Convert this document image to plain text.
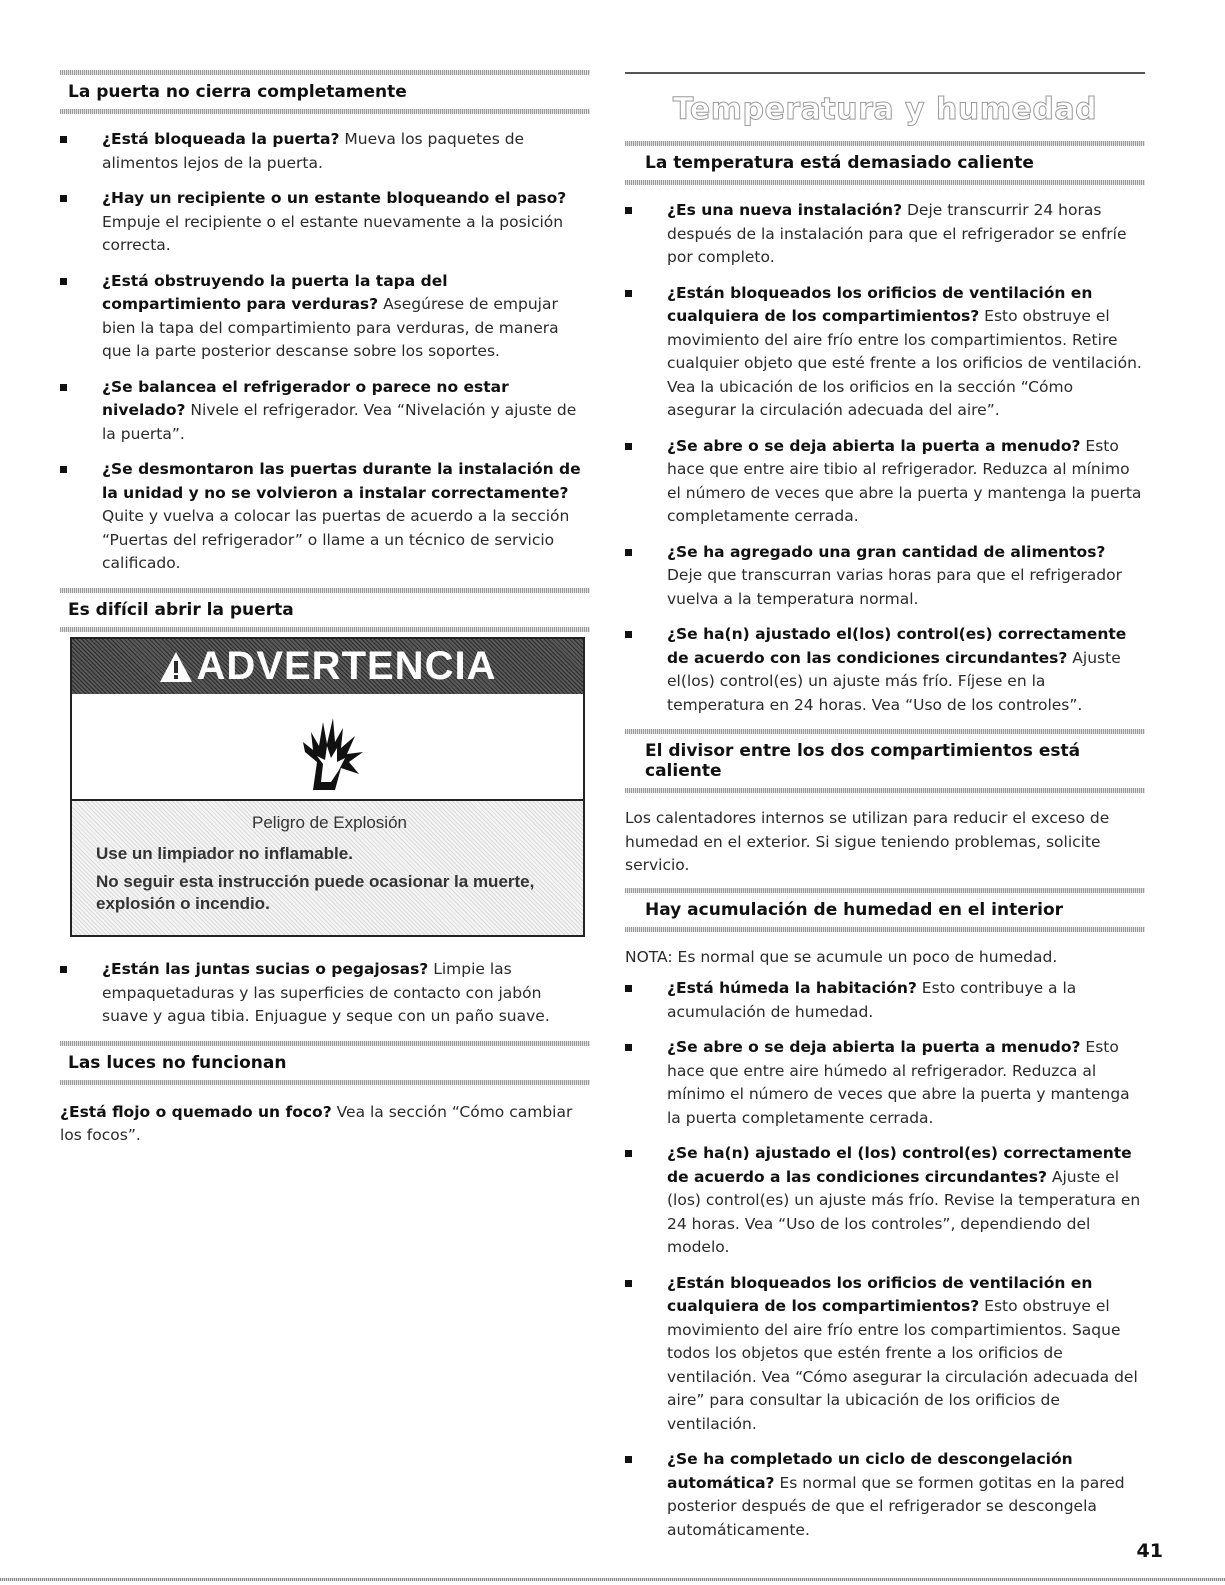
La puerta no cierra completamente
¿Está bloqueada la puerta? Mueva los paquetes de alimentos lejos de la puerta.
¿Hay un recipiente o un estante bloqueando el paso? Empuje el recipiente o el estante nuevamente a la posición correcta.
¿Está obstruyendo la puerta la tapa del compartimiento para verduras? Asegúrese de empujar bien la tapa del compartimiento para verduras, de manera que la parte posterior descanse sobre los soportes.
¿Se balancea el refrigerador o parece no estar nivelado? Nivele el refrigerador. Vea “Nivelación y ajuste de la puerta”.
¿Se desmontaron las puertas durante la instalación de la unidad y no se volvieron a instalar correctamente? Quite y vuelva a colocar las puertas de acuerdo a la sección “Puertas del refrigerador” o llame a un técnico de servicio calificado.
Es difícil abrir la puerta
ADVERTENCIA
Peligro de Explosión
Use un limpiador no inflamable.
No seguir esta instrucción puede ocasionar la muerte, explosión o incendio.
¿Están las juntas sucias o pegajosas? Limpie las empaquetaduras y las superficies de contacto con jabón suave y agua tibia. Enjuague y seque con un paño suave.
Las luces no funcionan
¿Está flojo o quemado un foco? Vea la sección “Cómo cambiar los focos”.
Temperatura y humedad
La temperatura está demasiado caliente
¿Es una nueva instalación? Deje transcurrir 24 horas después de la instalación para que el refrigerador se enfríe por completo.
¿Están bloqueados los orificios de ventilación en cualquiera de los compartimientos? Esto obstruye el movimiento del aire frío entre los compartimientos. Retire cualquier objeto que esté frente a los orificios de ventilación. Vea la ubicación de los orificios en la sección “Cómo asegurar la circulación adecuada del aire”.
¿Se abre o se deja abierta la puerta a menudo? Esto hace que entre aire tibio al refrigerador. Reduzca al mínimo el número de veces que abre la puerta y mantenga la puerta completamente cerrada.
¿Se ha agregado una gran cantidad de alimentos? Deje que transcurran varias horas para que el refrigerador vuelva a la temperatura normal.
¿Se ha(n) ajustado el(los) control(es) correctamente de acuerdo con las condiciones circundantes? Ajuste el(los) control(es) un ajuste más frío. Fíjese en la temperatura en 24 horas. Vea “Uso de los controles”.
El divisor entre los dos compartimientos está caliente
Los calentadores internos se utilizan para reducir el exceso de humedad en el exterior. Si sigue teniendo problemas, solicite servicio.
Hay acumulación de humedad en el interior
NOTA: Es normal que se acumule un poco de humedad.
¿Está húmeda la habitación? Esto contribuye a la acumulación de humedad.
¿Se abre o se deja abierta la puerta a menudo? Esto hace que entre aire húmedo al refrigerador. Reduzca al mínimo el número de veces que abre la puerta y mantenga la puerta completamente cerrada.
¿Se ha(n) ajustado el (los) control(es) correctamente de acuerdo a las condiciones circundantes? Ajuste el (los) control(es) un ajuste más frío. Revise la temperatura en 24 horas. Vea “Uso de los controles”, dependiendo del modelo.
¿Están bloqueados los orificios de ventilación en cualquiera de los compartimientos? Esto obstruye el movimiento del aire frío entre los compartimientos. Saque todos los objetos que estén frente a los orificios de ventilación. Vea “Cómo asegurar la circulación adecuada del aire” para consultar la ubicación de los orificios de ventilación.
¿Se ha completado un ciclo de descongelación automática? Es normal que se formen gotitas en la pared posterior después de que el refrigerador se descongela automáticamente.
41
